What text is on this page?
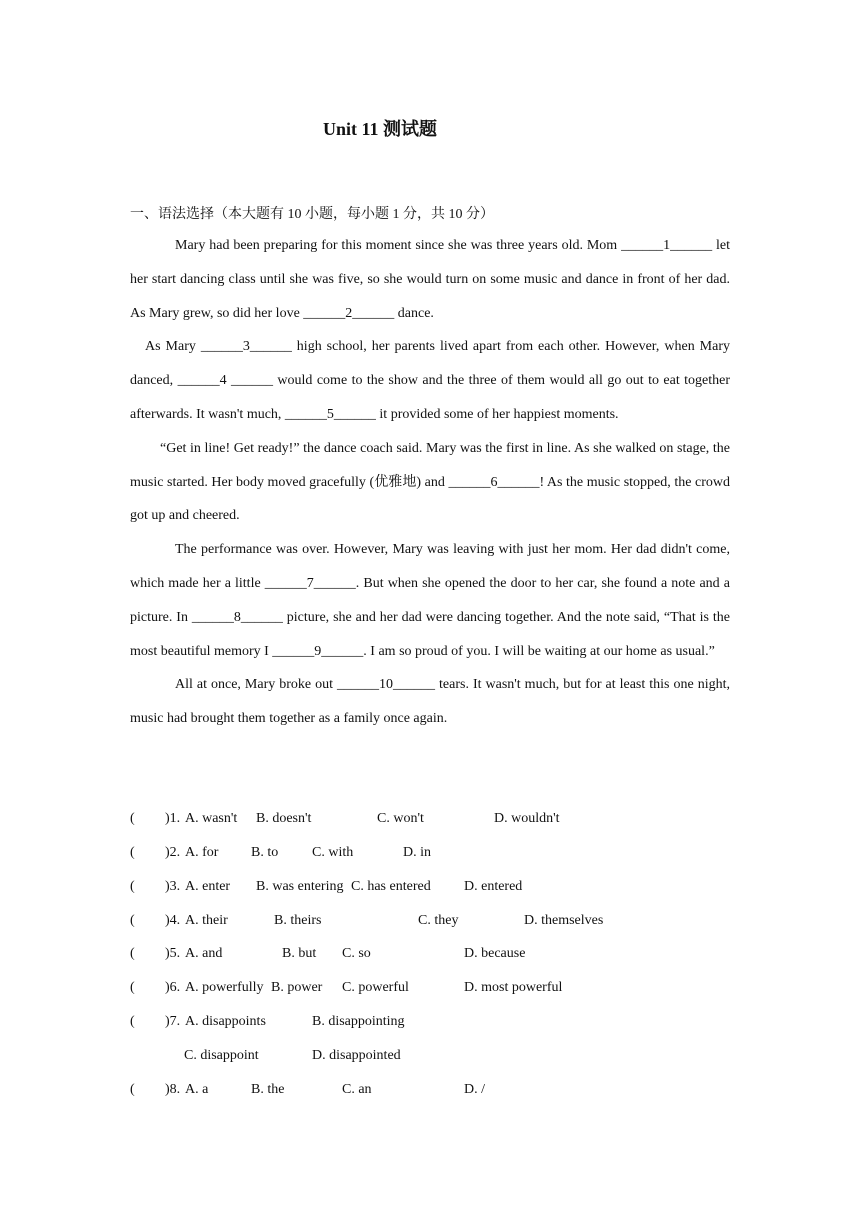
Unit 11 测试题
一、语法选择（本大题有 10 小题，每小题 1 分，共 10 分）

Mary had been preparing for this moment since she was three years old. Mom ______1______ let her start dancing class until she was five, so she would turn on some music and dance in front of her dad. As Mary grew, so did her love ______2______ dance.

As Mary ______3______ high school, her parents lived apart from each other. However, when Mary danced, ______4 ______ would come to the show and the three of them would all go out to eat together afterwards. It wasn't much, ______5______ it provided some of her happiest moments.

“Get in line! Get ready!” the dance coach said. Mary was the first in line. As she walked on stage, the music started. Her body moved gracefully (优雅地) and ______6______! As the music stopped, the crowd got up and cheered.

The performance was over. However, Mary was leaving with just her mom. Her dad didn't come, which made her a little ______7______. But when she opened the door to her car, she found a note and a picture. In ______8______ picture, she and her dad were dancing together. And the note said, “That is the most beautiful memory I ______9______. I am so proud of you. I will be waiting at our home as usual.”

All at once, Mary broke out ______10______ tears. It wasn't much, but for at least this one night, music had brought them together as a family once again.

( )1. A. wasn't B. doesn't	C. won't	D. wouldn't
( )2. A. for B. to C. with	D. in
( )3. A. enter B. was entering C. has entered D. entered
( )4. A. their	B. theirs	C. they	D. themselves
( )5. A. and	B. but C. so	D. because
( )6. A. powerfully B. power C. powerful	D. most powerful
( )7. A. disappoints	B. disappointing
C. disappoint	D. disappointed
( )8. A. a	B. the	C. an	D. /
